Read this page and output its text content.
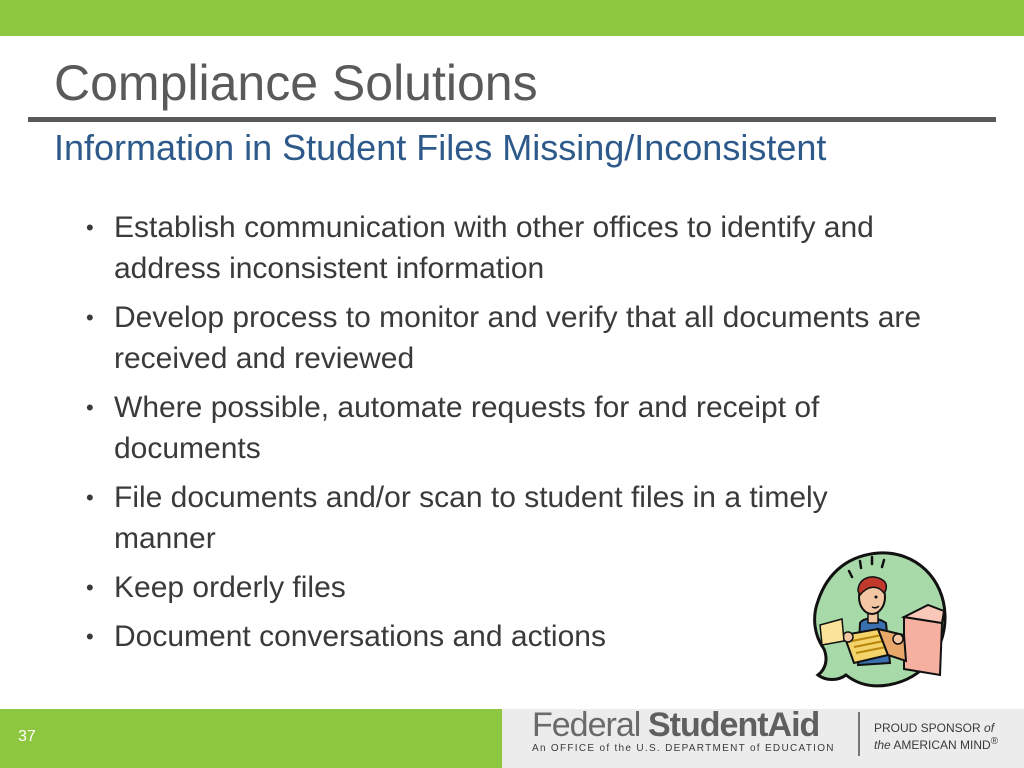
Compliance Solutions
Information in Student Files Missing/Inconsistent
• Establish communication with other offices to identify and address inconsistent information
• Develop process to monitor and verify that all documents are received and reviewed
• Where possible, automate requests for and receipt of documents
• File documents and/or scan to student files in a timely manner
• Keep orderly files
• Document conversations and actions
37	Federal StudentAid
An OFFICE of the U.S. DEPARTMENT of EDUCATION
PROUD SPONSOR of
the AMERICAN MIND®
